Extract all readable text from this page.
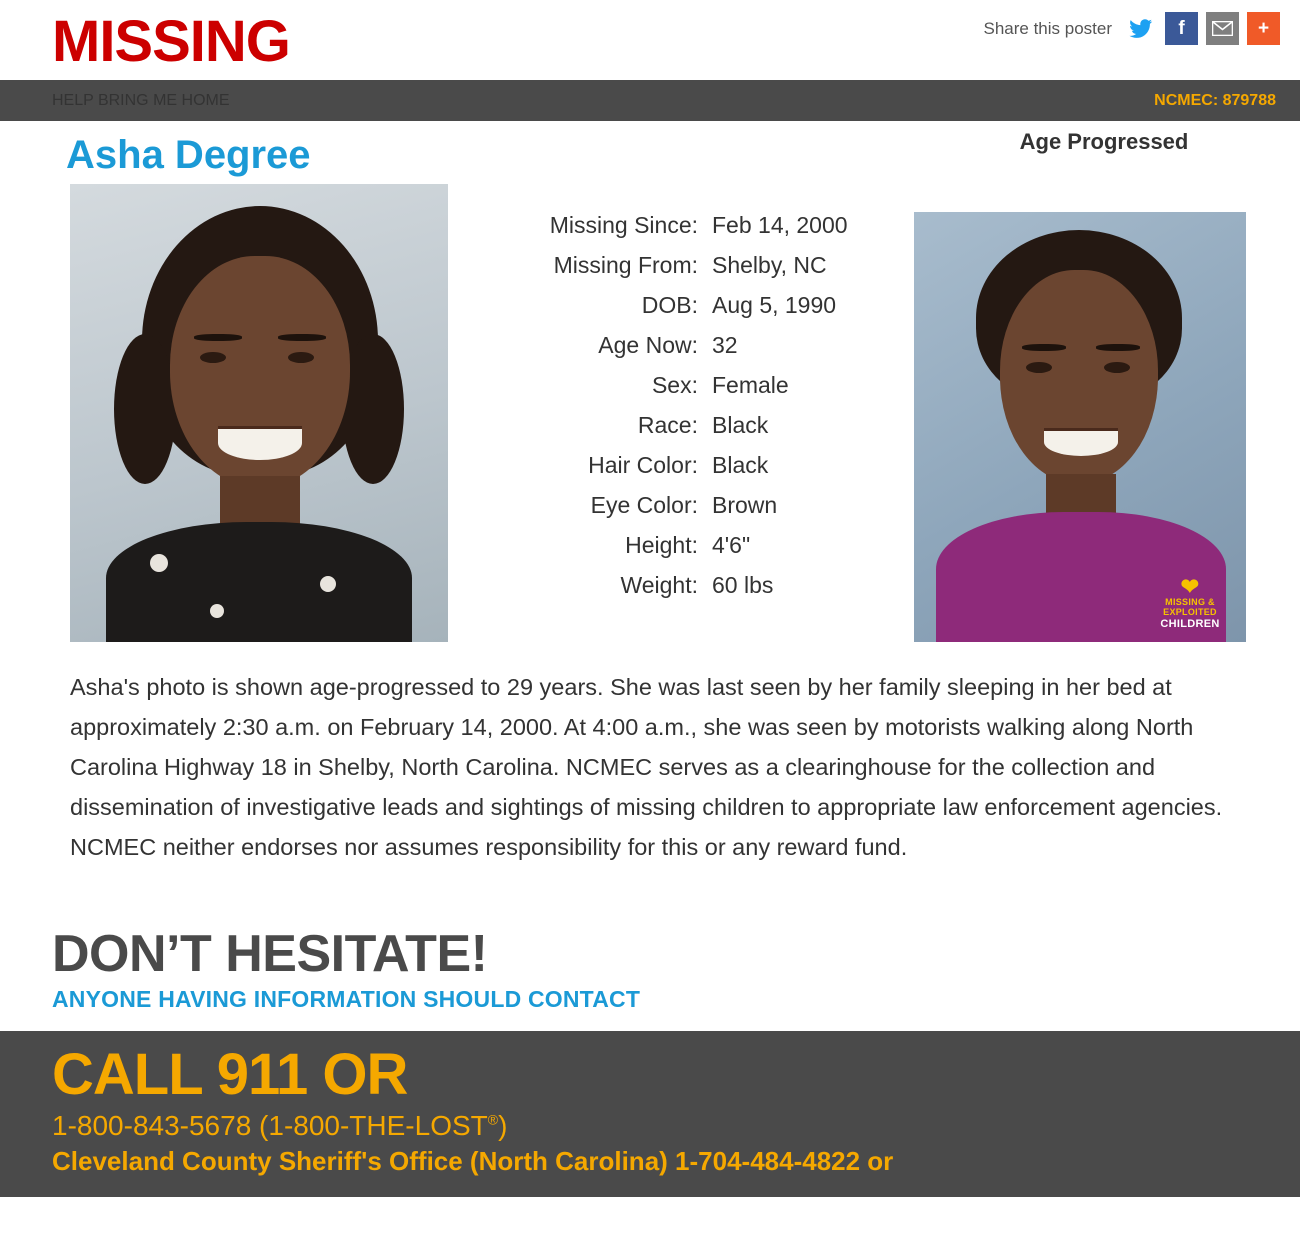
MISSING	Share this poster	f	+
HELP BRING ME HOME	NCMEC: 879788
Asha Degree	Age Progressed
Missing Since: Feb 14, 2000
Missing From: Shelby, NC
DOB: Aug 5, 1990
Age Now: 32
Sex: Female
Race: Black
Hair Color: Black
Eye Color: Brown
Height: 4'6"
Weight: 60 lbs	❤
MISSING & EXPLOITED
CHILDREN

Asha's photo is shown age-progressed to 29 years. She was last seen by her family sleeping in her bed at approximately 2:30 a.m. on February 14, 2000. At 4:00 a.m., she was seen by motorists walking along North Carolina Highway 18 in Shelby, North Carolina. NCMEC serves as a clearinghouse for the collection and dissemination of investigative leads and sightings of missing children to appropriate law enforcement agencies. NCMEC neither endorses nor assumes responsibility for this or any reward fund.

DON’T HESITATE!
ANYONE HAVING INFORMATION SHOULD CONTACT
CALL 911 OR
1-800-843-5678 (1-800-THE-LOST®)
Cleveland County Sheriff's Office (North Carolina) 1-704-484-4822 or
